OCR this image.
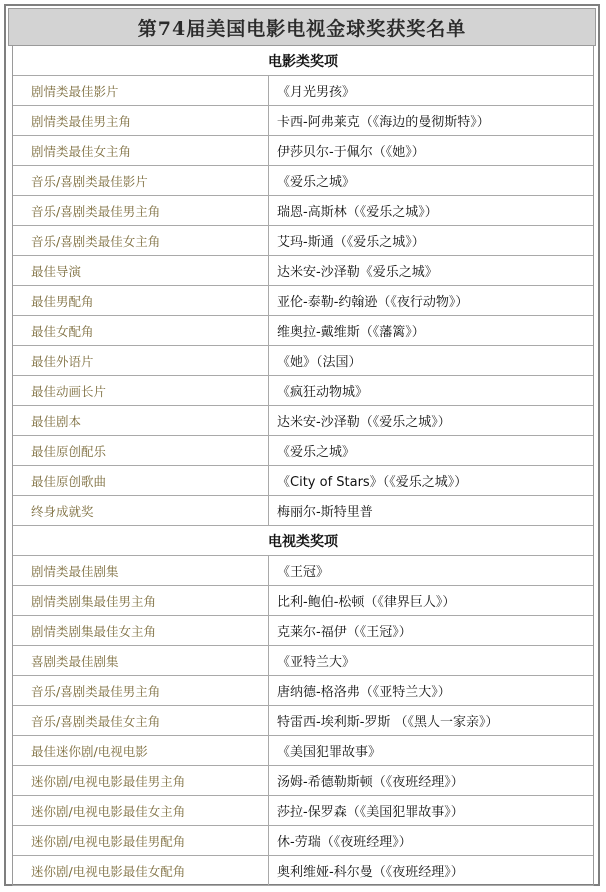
第74届美国电影电视金球奖获奖名单
电影类奖项
剧情类最佳影片	《月光男孩》
剧情类最佳男主角	卡西-阿弗莱克（《海边的曼彻斯特》）
剧情类最佳女主角	伊莎贝尔-于佩尔（《她》）
音乐/喜剧类最佳影片	《爱乐之城》
音乐/喜剧类最佳男主角	瑞恩-高斯林（《爱乐之城》）
音乐/喜剧类最佳女主角	艾玛-斯通（《爱乐之城》）
最佳导演	达米安-沙泽勒《爱乐之城》
最佳男配角	亚伦-泰勒-约翰逊（《夜行动物》）
最佳女配角	维奥拉-戴维斯（《藩篱》）
最佳外语片	《她》（法国）
最佳动画长片	《疯狂动物城》
最佳剧本	达米安-沙泽勒（《爱乐之城》）
最佳原创配乐	《爱乐之城》
最佳原创歌曲	《City of Stars》（《爱乐之城》）
终身成就奖	梅丽尔-斯特里普
电视类奖项
剧情类最佳剧集	《王冠》
剧情类剧集最佳男主角	比利-鲍伯-松顿（《律界巨人》）
剧情类剧集最佳女主角	克莱尔-福伊（《王冠》）
喜剧类最佳剧集	《亚特兰大》
音乐/喜剧类最佳男主角	唐纳德-格洛弗（《亚特兰大》）
音乐/喜剧类最佳女主角	特雷西-埃利斯-罗斯 （《黑人一家亲》）
最佳迷你剧/电视电影	《美国犯罪故事》
迷你剧/电视电影最佳男主角	汤姆-希德勒斯顿（《夜班经理》）
迷你剧/电视电影最佳女主角	莎拉-保罗森（《美国犯罪故事》）
迷你剧/电视电影最佳男配角	休-劳瑞（《夜班经理》）
迷你剧/电视电影最佳女配角	奥利维娅-科尔曼（《夜班经理》）
